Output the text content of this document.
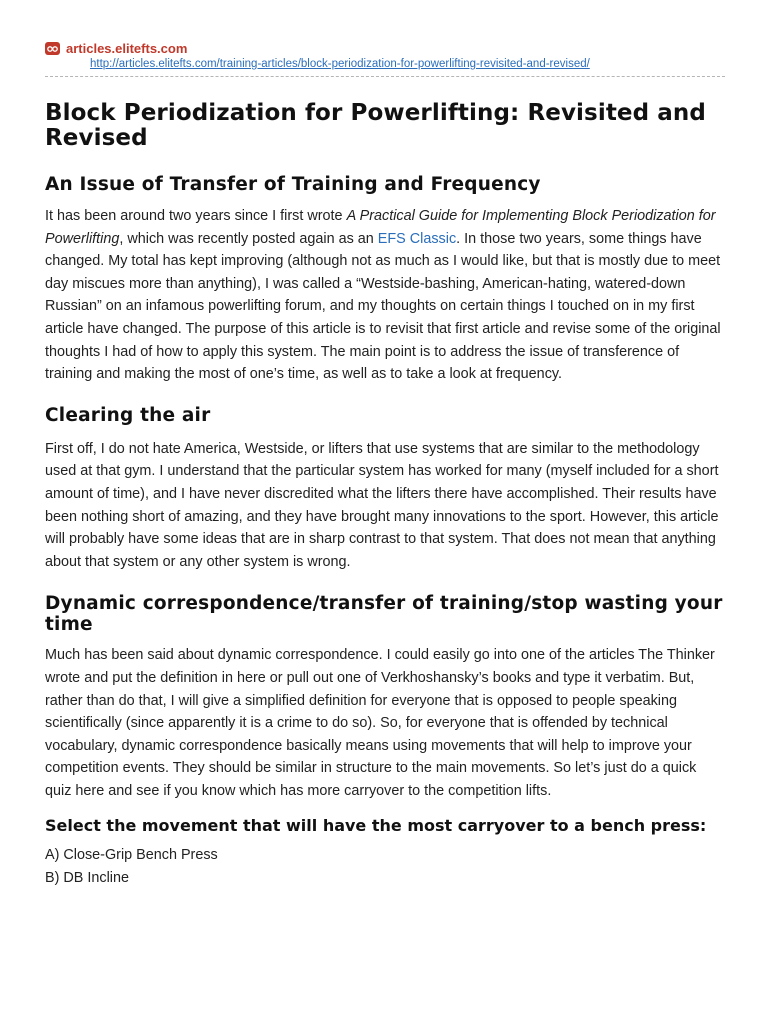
articles.elitefts.com
http://articles.elitefts.com/training-articles/block-periodization-for-powerlifting-revisited-and-revised/
Block Periodization for Powerlifting: Revisited and Revised
An Issue of Transfer of Training and Frequency

It has been around two years since I first wrote A Practical Guide for Implementing Block Periodization for Powerlifting, which was recently posted again as an EFS Classic. In those two years, some things have changed. My total has kept improving (although not as much as I would like, but that is mostly due to meet day miscues more than anything), I was called a “Westside-bashing, American-hating, watered-down Russian” on an infamous powerlifting forum, and my thoughts on certain things I touched on in my first article have changed. The purpose of this article is to revisit that first article and revise some of the original thoughts I had of how to apply this system. The main point is to address the issue of transference of training and making the most of one’s time, as well as to take a look at frequency.

Clearing the air

First off, I do not hate America, Westside, or lifters that use systems that are similar to the methodology used at that gym. I understand that the particular system has worked for many (myself included for a short amount of time), and I have never discredited what the lifters there have accomplished. Their results have been nothing short of amazing, and they have brought many innovations to the sport. However, this article will probably have some ideas that are in sharp contrast to that system. That does not mean that anything about that system or any other system is wrong.

Dynamic correspondence/transfer of training/stop wasting your time

Much has been said about dynamic correspondence. I could easily go into one of the articles The Thinker wrote and put the definition in here or pull out one of Verkhoshansky’s books and type it verbatim. But, rather than do that, I will give a simplified definition for everyone that is opposed to people speaking scientifically (since apparently it is a crime to do so). So, for everyone that is offended by technical vocabulary, dynamic correspondence basically means using movements that will help to improve your competition events. They should be similar in structure to the main movements. So let’s just do a quick quiz here and see if you know which has more carryover to the competition lifts.

Select the movement that will have the most carryover to a bench press:
A) Close-Grip Bench Press
B) DB Incline
